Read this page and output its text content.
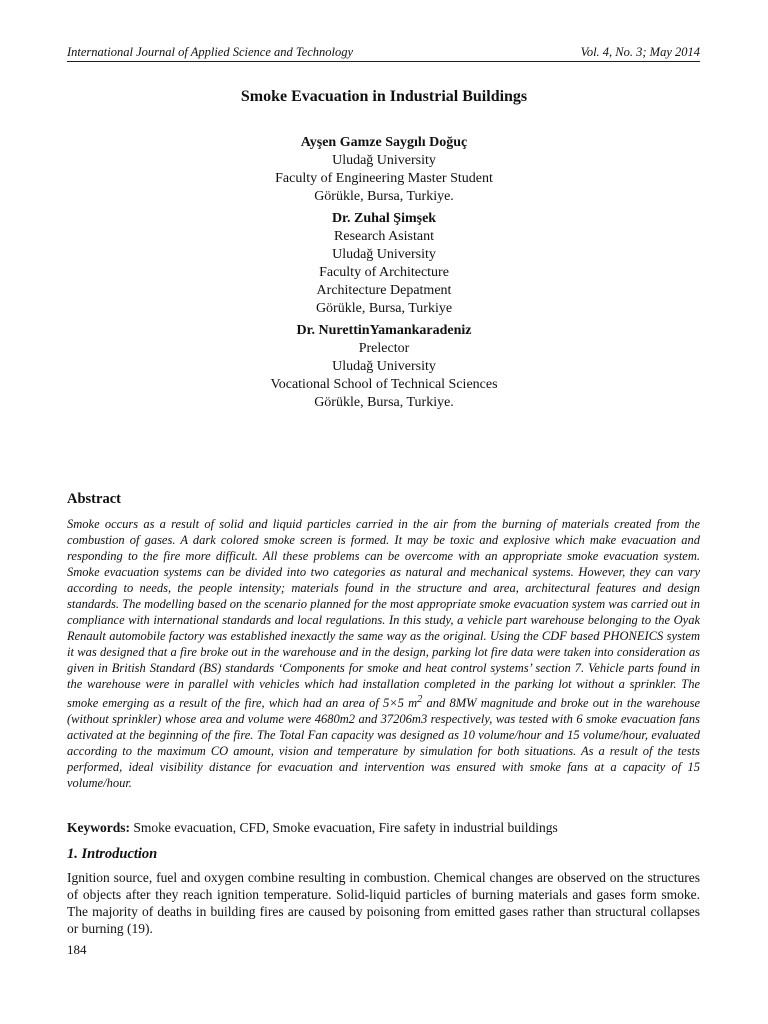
International Journal of Applied Science and Technology	Vol. 4, No. 3; May 2014
Smoke Evacuation in Industrial Buildings
Ayşen Gamze Saygılı Doğuç
Uludağ University
Faculty of Engineering Master Student
Görükle, Bursa, Turkiye.
Dr. Zuhal Şimşek
Research Asistant
Uludağ University
Faculty of Architecture
Architecture Depatment
Görükle, Bursa, Turkiye
Dr. NurettinYamankaradeniz
Prelector
Uludağ University
Vocational School of Technical Sciences
Görükle, Bursa, Turkiye.
Abstract
Smoke occurs as a result of solid and liquid particles carried in the air from the burning of materials created from the combustion of gases. A dark colored smoke screen is formed. It may be toxic and explosive which make evacuation and responding to the fire more difficult. All these problems can be overcome with an appropriate smoke evacuation system. Smoke evacuation systems can be divided into two categories as natural and mechanical systems. However, they can vary according to needs, the people intensity; materials found in the structure and area, architectural features and design standards. The modelling based on the scenario planned for the most appropriate smoke evacuation system was carried out in compliance with international standards and local regulations. In this study, a vehicle part warehouse belonging to the Oyak Renault automobile factory was established inexactly the same way as the original. Using the CDF based PHONEICS system it was designed that a fire broke out in the warehouse and in the design, parking lot fire data were taken into consideration as given in British Standard (BS) standards ‘Components for smoke and heat control systems’ section 7. Vehicle parts found in the warehouse were in parallel with vehicles which had installation completed in the parking lot without a sprinkler. The smoke emerging as a result of the fire, which had an area of 5×5 $m^2$ and 8MW magnitude and broke out in the warehouse (without sprinkler) whose area and volume were 4680m2 and 37206m3 respectively, was tested with 6 smoke evacuation fans activated at the beginning of the fire. The Total Fan capacity was designed as 10 volume/hour and 15 volume/hour, evaluated according to the maximum CO amount, vision and temperature by simulation for both situations. As a result of the tests performed, ideal visibility distance for evacuation and intervention was ensured with smoke fans at a capacity of 15 volume/hour.
Keywords: Smoke evacuation, CFD, Smoke evacuation, Fire safety in industrial buildings
1. Introduction
Ignition source, fuel and oxygen combine resulting in combustion. Chemical changes are observed on the structures of objects after they reach ignition temperature. Solid-liquid particles of burning materials and gases form smoke. The majority of deaths in building fires are caused by poisoning from emitted gases rather than structural collapses or burning (19).
184
